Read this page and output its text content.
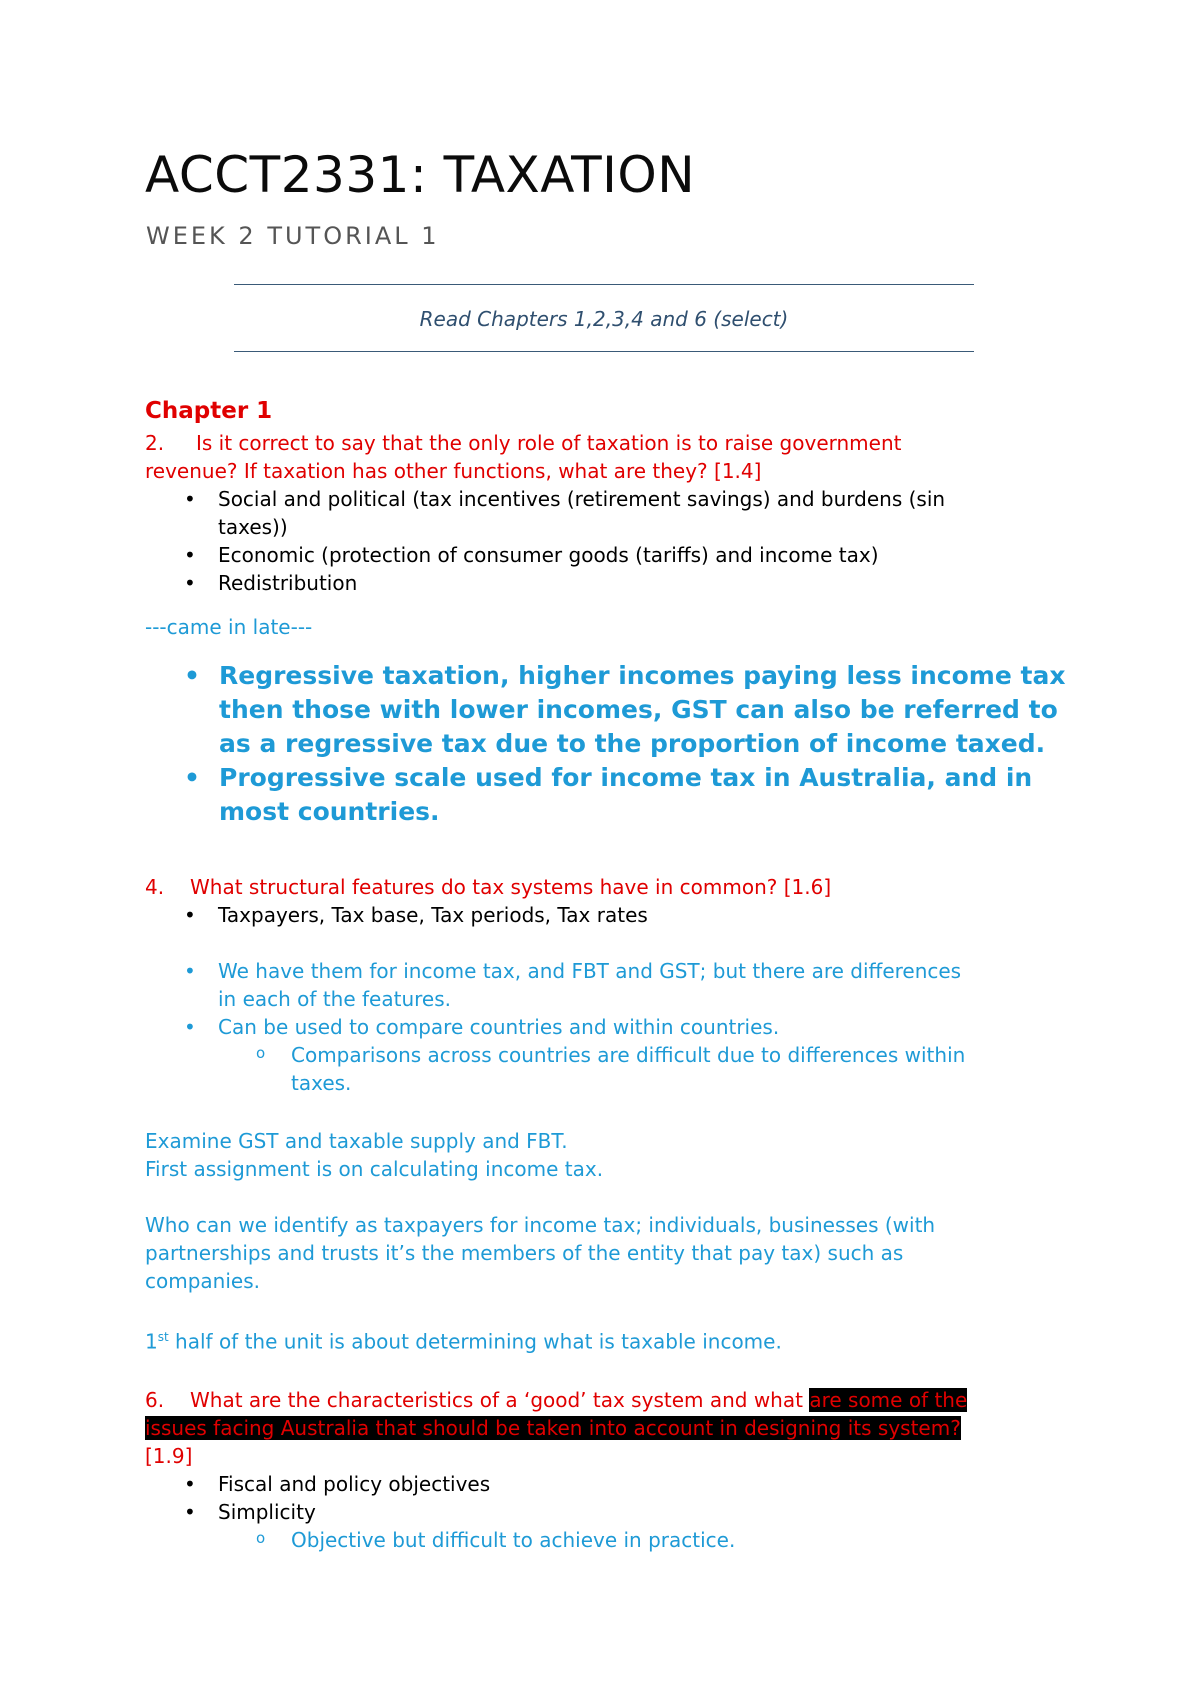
ACCT2331: TAXATION
WEEK 2 TUTORIAL 1
Read Chapters 1,2,3,4 and 6 (select)
Chapter 1
2. Is it correct to say that the only role of taxation is to raise government
revenue? If taxation has other functions, what are they? [1.4]
• Social and political (tax incentives (retirement savings) and burdens (sin
taxes))
• Economic (protection of consumer goods (tariffs) and income tax)
• Redistribution
---came in late---
• Regressive taxation, higher incomes paying less income tax
then those with lower incomes, GST can also be referred to
as a regressive tax due to the proportion of income taxed.
• Progressive scale used for income tax in Australia, and in
most countries.
4. What structural features do tax systems have in common? [1.6]
• Taxpayers, Tax base, Tax periods, Tax rates
• We have them for income tax, and FBT and GST; but there are differences
in each of the features.
• Can be used to compare countries and within countries.
o Comparisons across countries are difficult due to differences within
taxes.
Examine GST and taxable supply and FBT.
First assignment is on calculating income tax.
Who can we identify as taxpayers for income tax; individuals, businesses (with
partnerships and trusts it’s the members of the entity that pay tax) such as
companies.
1st half of the unit is about determining what is taxable income.
6. What are the characteristics of a ‘good’ tax system and what are some of the
issues facing Australia that should be taken into account in designing its system?
[1.9]
• Fiscal and policy objectives
• Simplicity
o Objective but difficult to achieve in practice.
